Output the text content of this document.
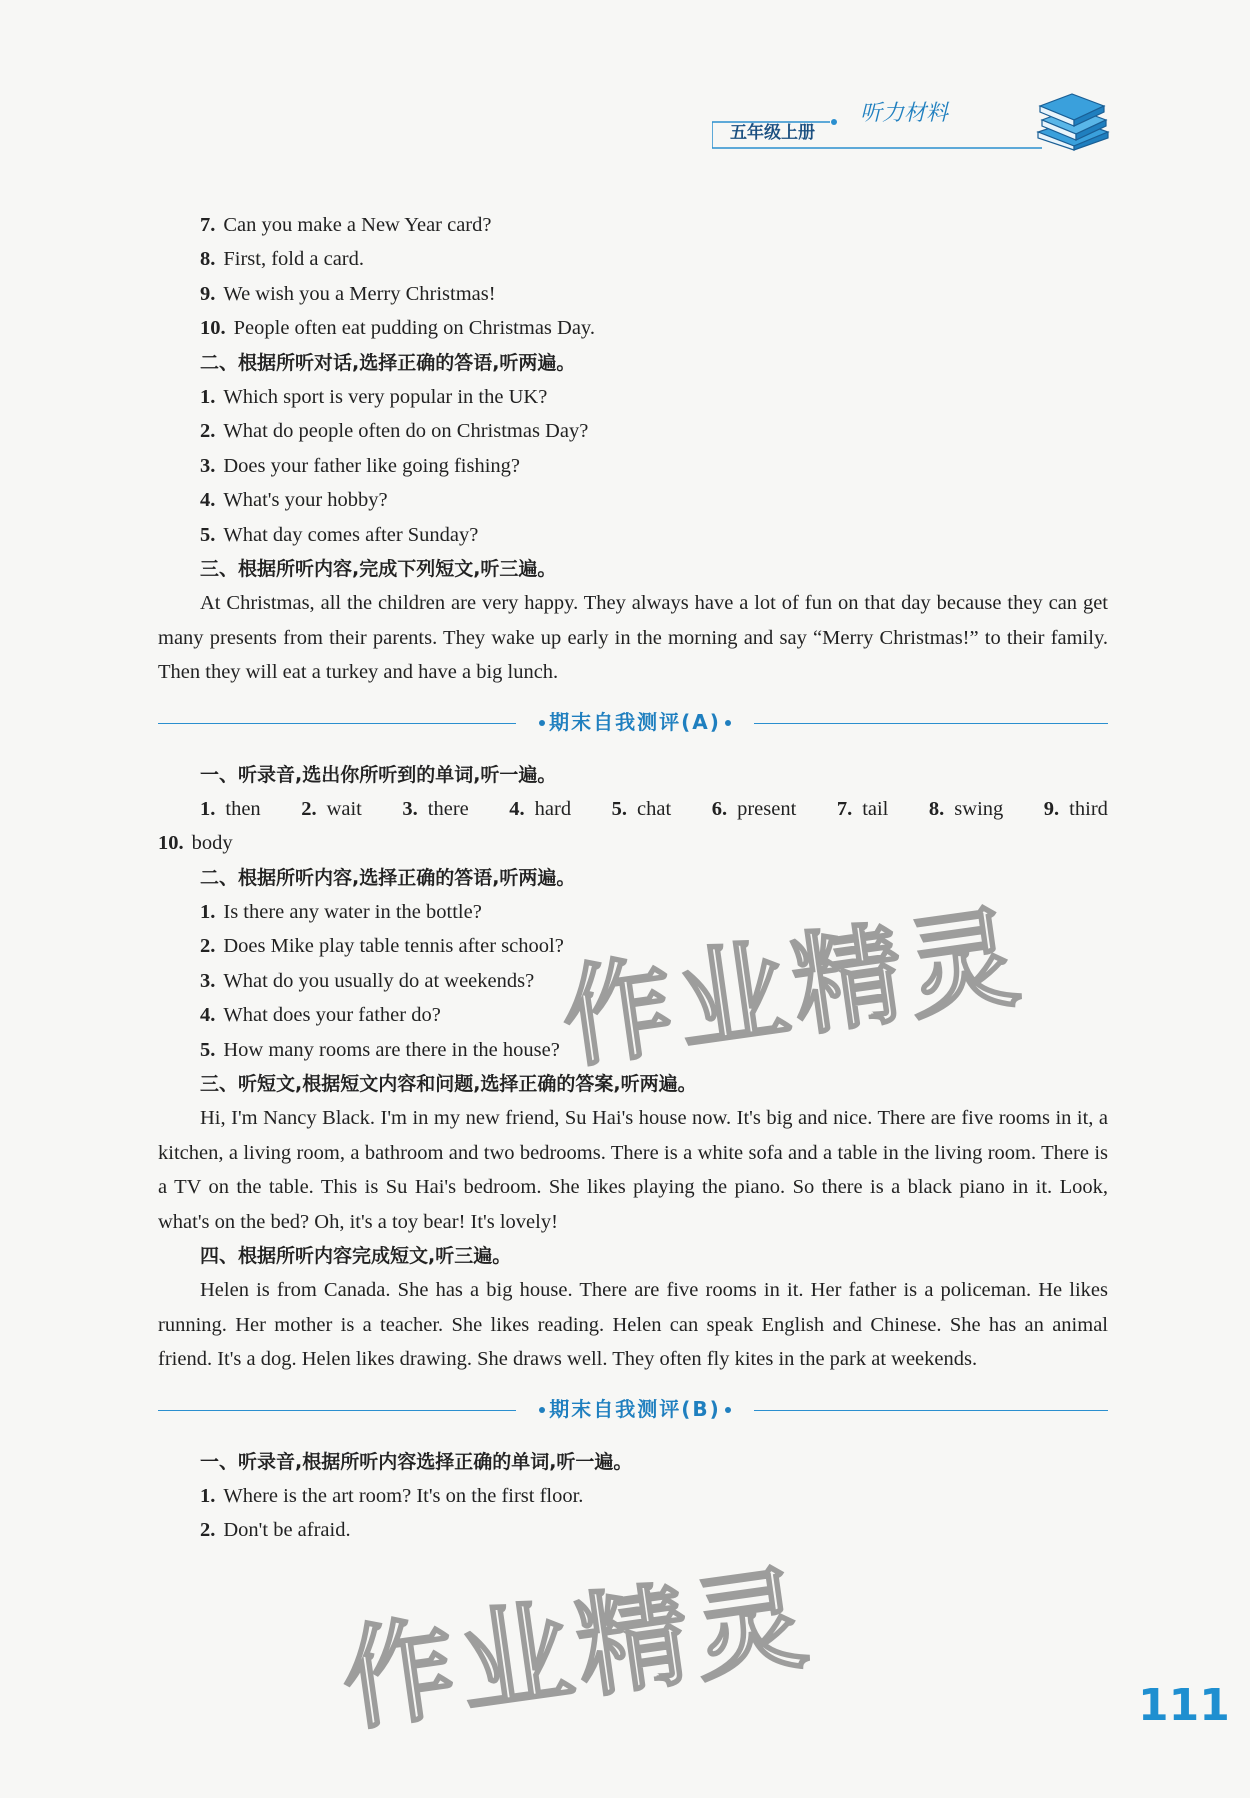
五年级上册
听力材料
7. Can you make a New Year card?
8. First, fold a card.
9. We wish you a Merry Christmas!
10. People often eat pudding on Christmas Day.
二、根据所听对话,选择正确的答语,听两遍。
1. Which sport is very popular in the UK?
2. What do people often do on Christmas Day?
3. Does your father like going fishing?
4. What's your hobby?
5. What day comes after Sunday?
三、根据所听内容,完成下列短文,听三遍。
At Christmas, all the children are very happy. They always have a lot of fun on that day because they can get many presents from their parents. They wake up early in the morning and say “Merry Christmas!” to their family. Then they will eat a turkey and have a big lunch.
期末自我测评(A)
一、听录音,选出你所听到的单词,听一遍。
1. then 2. wait 3. there 4. hard 5. chat 6. present 7. tail 8. swing 9. third
10. body
二、根据所听内容,选择正确的答语,听两遍。
1. Is there any water in the bottle?
2. Does Mike play table tennis after school?
3. What do you usually do at weekends?
4. What does your father do?
5. How many rooms are there in the house?
三、听短文,根据短文内容和问题,选择正确的答案,听两遍。
Hi, I'm Nancy Black. I'm in my new friend, Su Hai's house now. It's big and nice. There are five rooms in it, a kitchen, a living room, a bathroom and two bedrooms. There is a white sofa and a table in the living room. There is a TV on the table. This is Su Hai's bedroom. She likes playing the piano. So there is a black piano in it. Look, what's on the bed? Oh, it's a toy bear! It's lovely!
四、根据所听内容完成短文,听三遍。
Helen is from Canada. She has a big house. There are five rooms in it. Her father is a policeman. He likes running. Her mother is a teacher. She likes reading. Helen can speak English and Chinese. She has an animal friend. It's a dog. Helen likes drawing. She draws well. They often fly kites in the park at weekends.
期末自我测评(B)
一、听录音,根据所听内容选择正确的单词,听一遍。
1. Where is the art room? It's on the first floor.
2. Don't be afraid.
作业精灵
作业精灵	111
